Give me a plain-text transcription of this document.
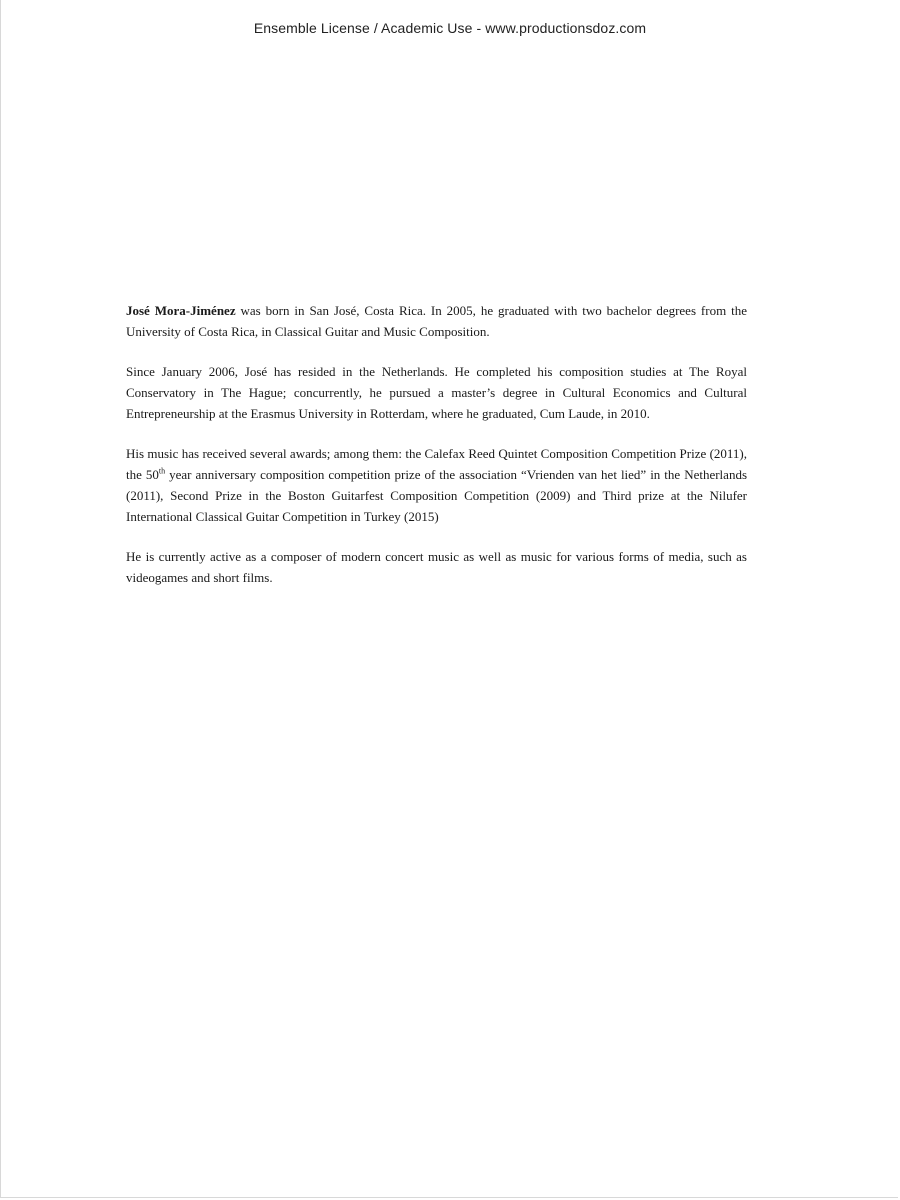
Ensemble License / Academic Use - www.productionsdoz.com

José Mora-Jiménez was born in San José, Costa Rica. In 2005, he graduated with two bachelor degrees from the University of Costa Rica, in Classical Guitar and Music Composition.

Since January 2006, José has resided in the Netherlands. He completed his composition studies at The Royal Conservatory in The Hague; concurrently, he pursued a master’s degree in Cultural Economics and Cultural Entrepreneurship at the Erasmus University in Rotterdam, where he graduated, Cum Laude, in 2010.

His music has received several awards; among them: the Calefax Reed Quintet Composition Competition Prize (2011), the 50th year anniversary composition competition prize of the association “Vrienden van het lied” in the Netherlands (2011), Second Prize in the Boston Guitarfest Composition Competition (2009) and Third prize at the Nilufer International Classical Guitar Competition in Turkey (2015)

He is currently active as a composer of modern concert music as well as music for various forms of media, such as videogames and short films.
